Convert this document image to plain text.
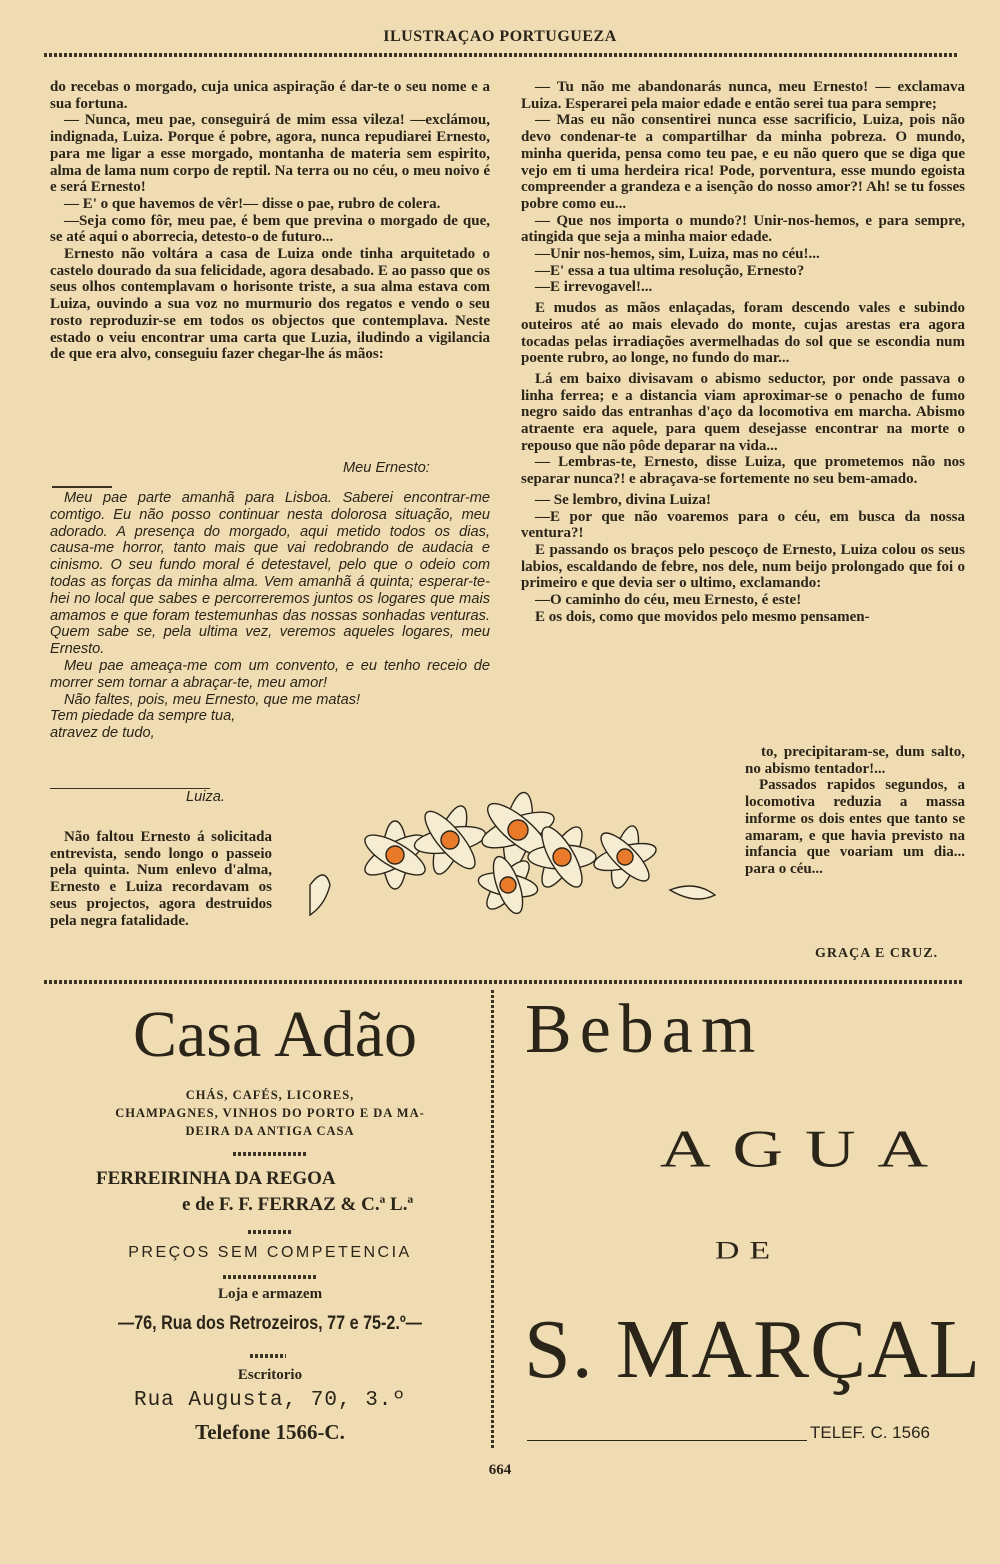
ILUSTRAÇAO PORTUGUEZA

do recebas o morgado, cuja unica aspiração é dar-te o seu nome e a sua fortuna.

— Nunca, meu pae, conseguirá de mim essa vileza! —exclámou, indignada, Luiza. Porque é pobre, agora, nunca repudiarei Ernesto, para me ligar a esse morgado, montanha de materia sem espirito, alma de lama num corpo de reptil. Na terra ou no céu, o meu noivo é e será Ernesto!

— E' o que havemos de vêr!— disse o pae, rubro de colera.

—Seja como fôr, meu pae, é bem que previna o morgado de que, se até aqui o aborrecia, detesto-o de futuro...

Ernesto não voltára a casa de Luiza onde tinha arquitetado o castelo dourado da sua felicidade, agora desabado. E ao passo que os seus olhos contemplavam o horisonte triste, a sua alma estava com Luiza, ouvindo a sua voz no murmurio dos regatos e vendo o seu rosto reproduzir-se em todos os objectos que contemplava. Neste estado o veiu encontrar uma carta que Luzia, iludindo a vigilancia de que era alvo, conseguiu fazer chegar-lhe ás mãos:

Meu Ernesto:

Meu pae parte amanhã para Lisboa. Saberei encontrar-me comtigo. Eu não posso continuar nesta dolorosa situação, meu adorado. A presença do morgado, aqui metido todos os dias, causa-me horror, tanto mais que vai redobrando de audacia e cinismo. O seu fundo moral é detestavel, pelo que o odeio com todas as forças da minha alma. Vem amanhã á quinta; esperar-te-hei no local que sabes e percorreremos juntos os logares que mais amamos e que foram testemunhas das nossas sonhadas venturas. Quem sabe se, pela ultima vez, veremos aqueles logares, meu Ernesto.

Meu pae ameaça-me com um convento, e eu tenho receio de morrer sem tornar a abraçar-te, meu amor!

Não faltes, pois, meu Ernesto, que me matas!

Tem piedade da sempre tua,

atravez de tudo,

Luiza.

Não faltou Ernesto á solicitada entrevista, sendo longo o passeio pela quinta. Num enlevo d'alma, Ernesto e Luiza recordavam os seus projectos, agora destruidos pela negra fatalidade.

— Tu não me abandonarás nunca, meu Ernesto! — exclamava Luiza. Esperarei pela maior edade e então serei tua para sempre;

— Mas eu não consentirei nunca esse sacrificio, Luiza, pois não devo condenar-te a compartilhar da minha pobreza. O mundo, minha querida, pensa como teu pae, e eu não quero que se diga que vejo em ti uma herdeira rica! Pode, porventura, esse mundo egoista compreender a grandeza e a isenção do nosso amor?! Ah! se tu fosses pobre como eu...

— Que nos importa o mundo?! Unir-nos-hemos, e para sempre, atingida que seja a minha maior edade.

—Unir nos-hemos, sim, Luiza, mas no céu!...

—E' essa a tua ultima resolução, Ernesto?

—E irrevogavel!...

E mudos as mãos enlaçadas, foram descendo vales e subindo outeiros até ao mais elevado do monte, cujas arestas era agora tocadas pelas irradiações avermelhadas do sol que se escondia num poente rubro, ao longe, no fundo do mar...

Lá em baixo divisavam o abismo seductor, por onde passava o linha ferrea; e a distancia viam aproximar-se o penacho de fumo negro saido das entranhas d'aço da locomotiva em marcha. Abismo atraente era aquele, para quem desejasse encontrar na morte o repouso que não pôde deparar na vida...

— Lembras-te, Ernesto, disse Luiza, que prometemos não nos separar nunca?! e abraçava-se fortemente no seu bem-amado.

— Se lembro, divina Luiza!

—E por que não voaremos para o céu, em busca da nossa ventura?!

E passando os braços pelo pescoço de Ernesto, Luiza colou os seus labios, escaldando de febre, nos dele, num beijo prolongado que foi o primeiro e que devia ser o ultimo, exclamando:

—O caminho do céu, meu Ernesto, é este!

E os dois, como que movidos pelo mesmo pensamen-

to, precipitaram-se, dum salto, no abismo tentador!...

Passados rapidos segundos, a locomotiva reduzia a massa informe os dois entes que tanto se amaram, e que havia previsto na infancia que voariam um dia... para o céu...

GRAÇA E CRUZ.
Casa Adão
CHÁS, CAFÉS, LICORES,
CHAMPAGNES, VINHOS DO PORTO E DA MA-
DEIRA DA ANTIGA CASA
FERREIRINHA DA REGOA
e de F. F. FERRAZ & C.ª L.ª
PREÇOS SEM COMPETENCIA
Loja e armazem
—76, Rua dos Retrozeiros, 77 e 75-2.º—
Escritorio
Rua Augusta, 70, 3.º
Telefone 1566-C.
Bebam
AGUA
DE
S. MARÇAL
TELEF. C. 1566
664
